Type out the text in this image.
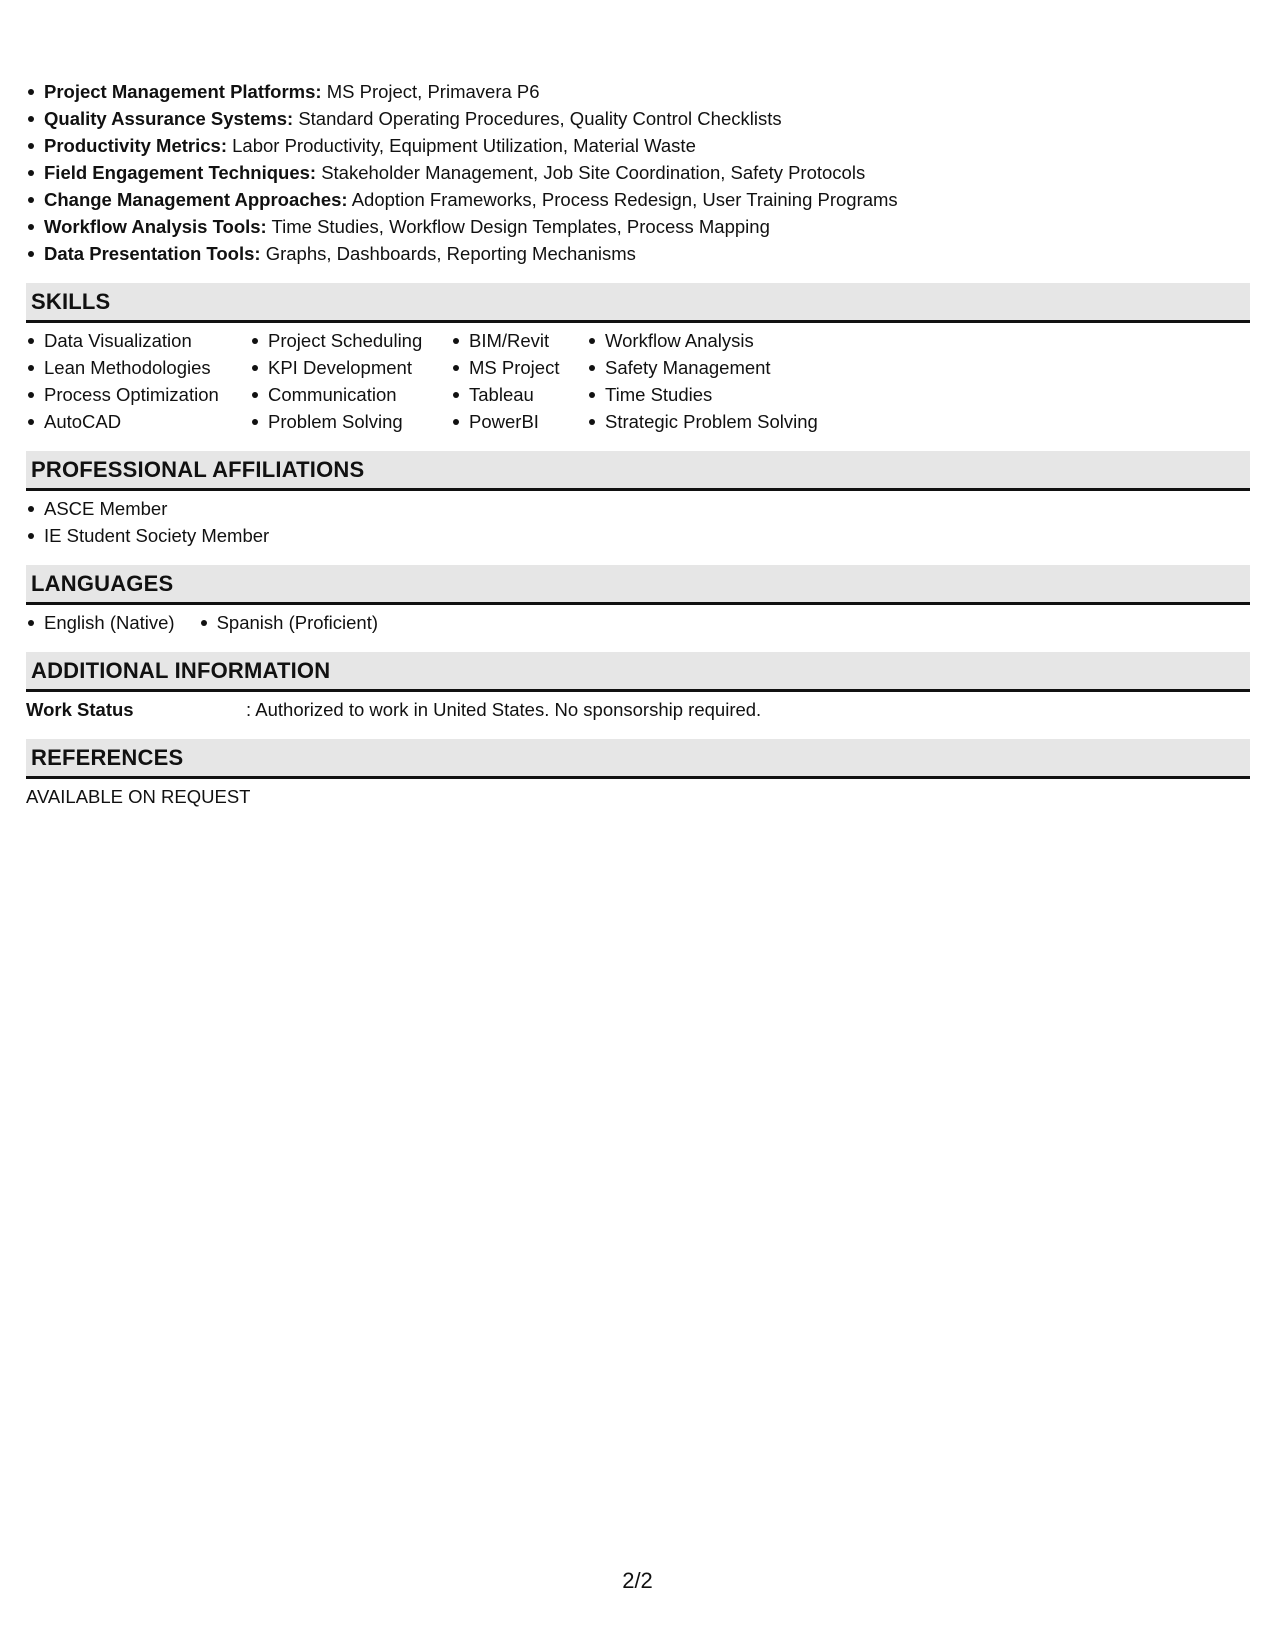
Project Management Platforms: MS Project, Primavera P6
Quality Assurance Systems: Standard Operating Procedures, Quality Control Checklists
Productivity Metrics: Labor Productivity, Equipment Utilization, Material Waste
Field Engagement Techniques: Stakeholder Management, Job Site Coordination, Safety Protocols
Change Management Approaches: Adoption Frameworks, Process Redesign, User Training Programs
Workflow Analysis Tools: Time Studies, Workflow Design Templates, Process Mapping
Data Presentation Tools: Graphs, Dashboards, Reporting Mechanisms
SKILLS
Data Visualization
Lean Methodologies
Process Optimization
AutoCAD
Project Scheduling
KPI Development
Communication
Problem Solving
BIM/Revit
MS Project
Tableau
PowerBI
Workflow Analysis
Safety Management
Time Studies
Strategic Problem Solving
PROFESSIONAL AFFILIATIONS
ASCE Member
IE Student Society Member
LANGUAGES
English (Native)	Spanish (Proficient)
ADDITIONAL INFORMATION
Work Status	: Authorized to work in United States. No sponsorship required.
REFERENCES
AVAILABLE ON REQUEST
2/2
